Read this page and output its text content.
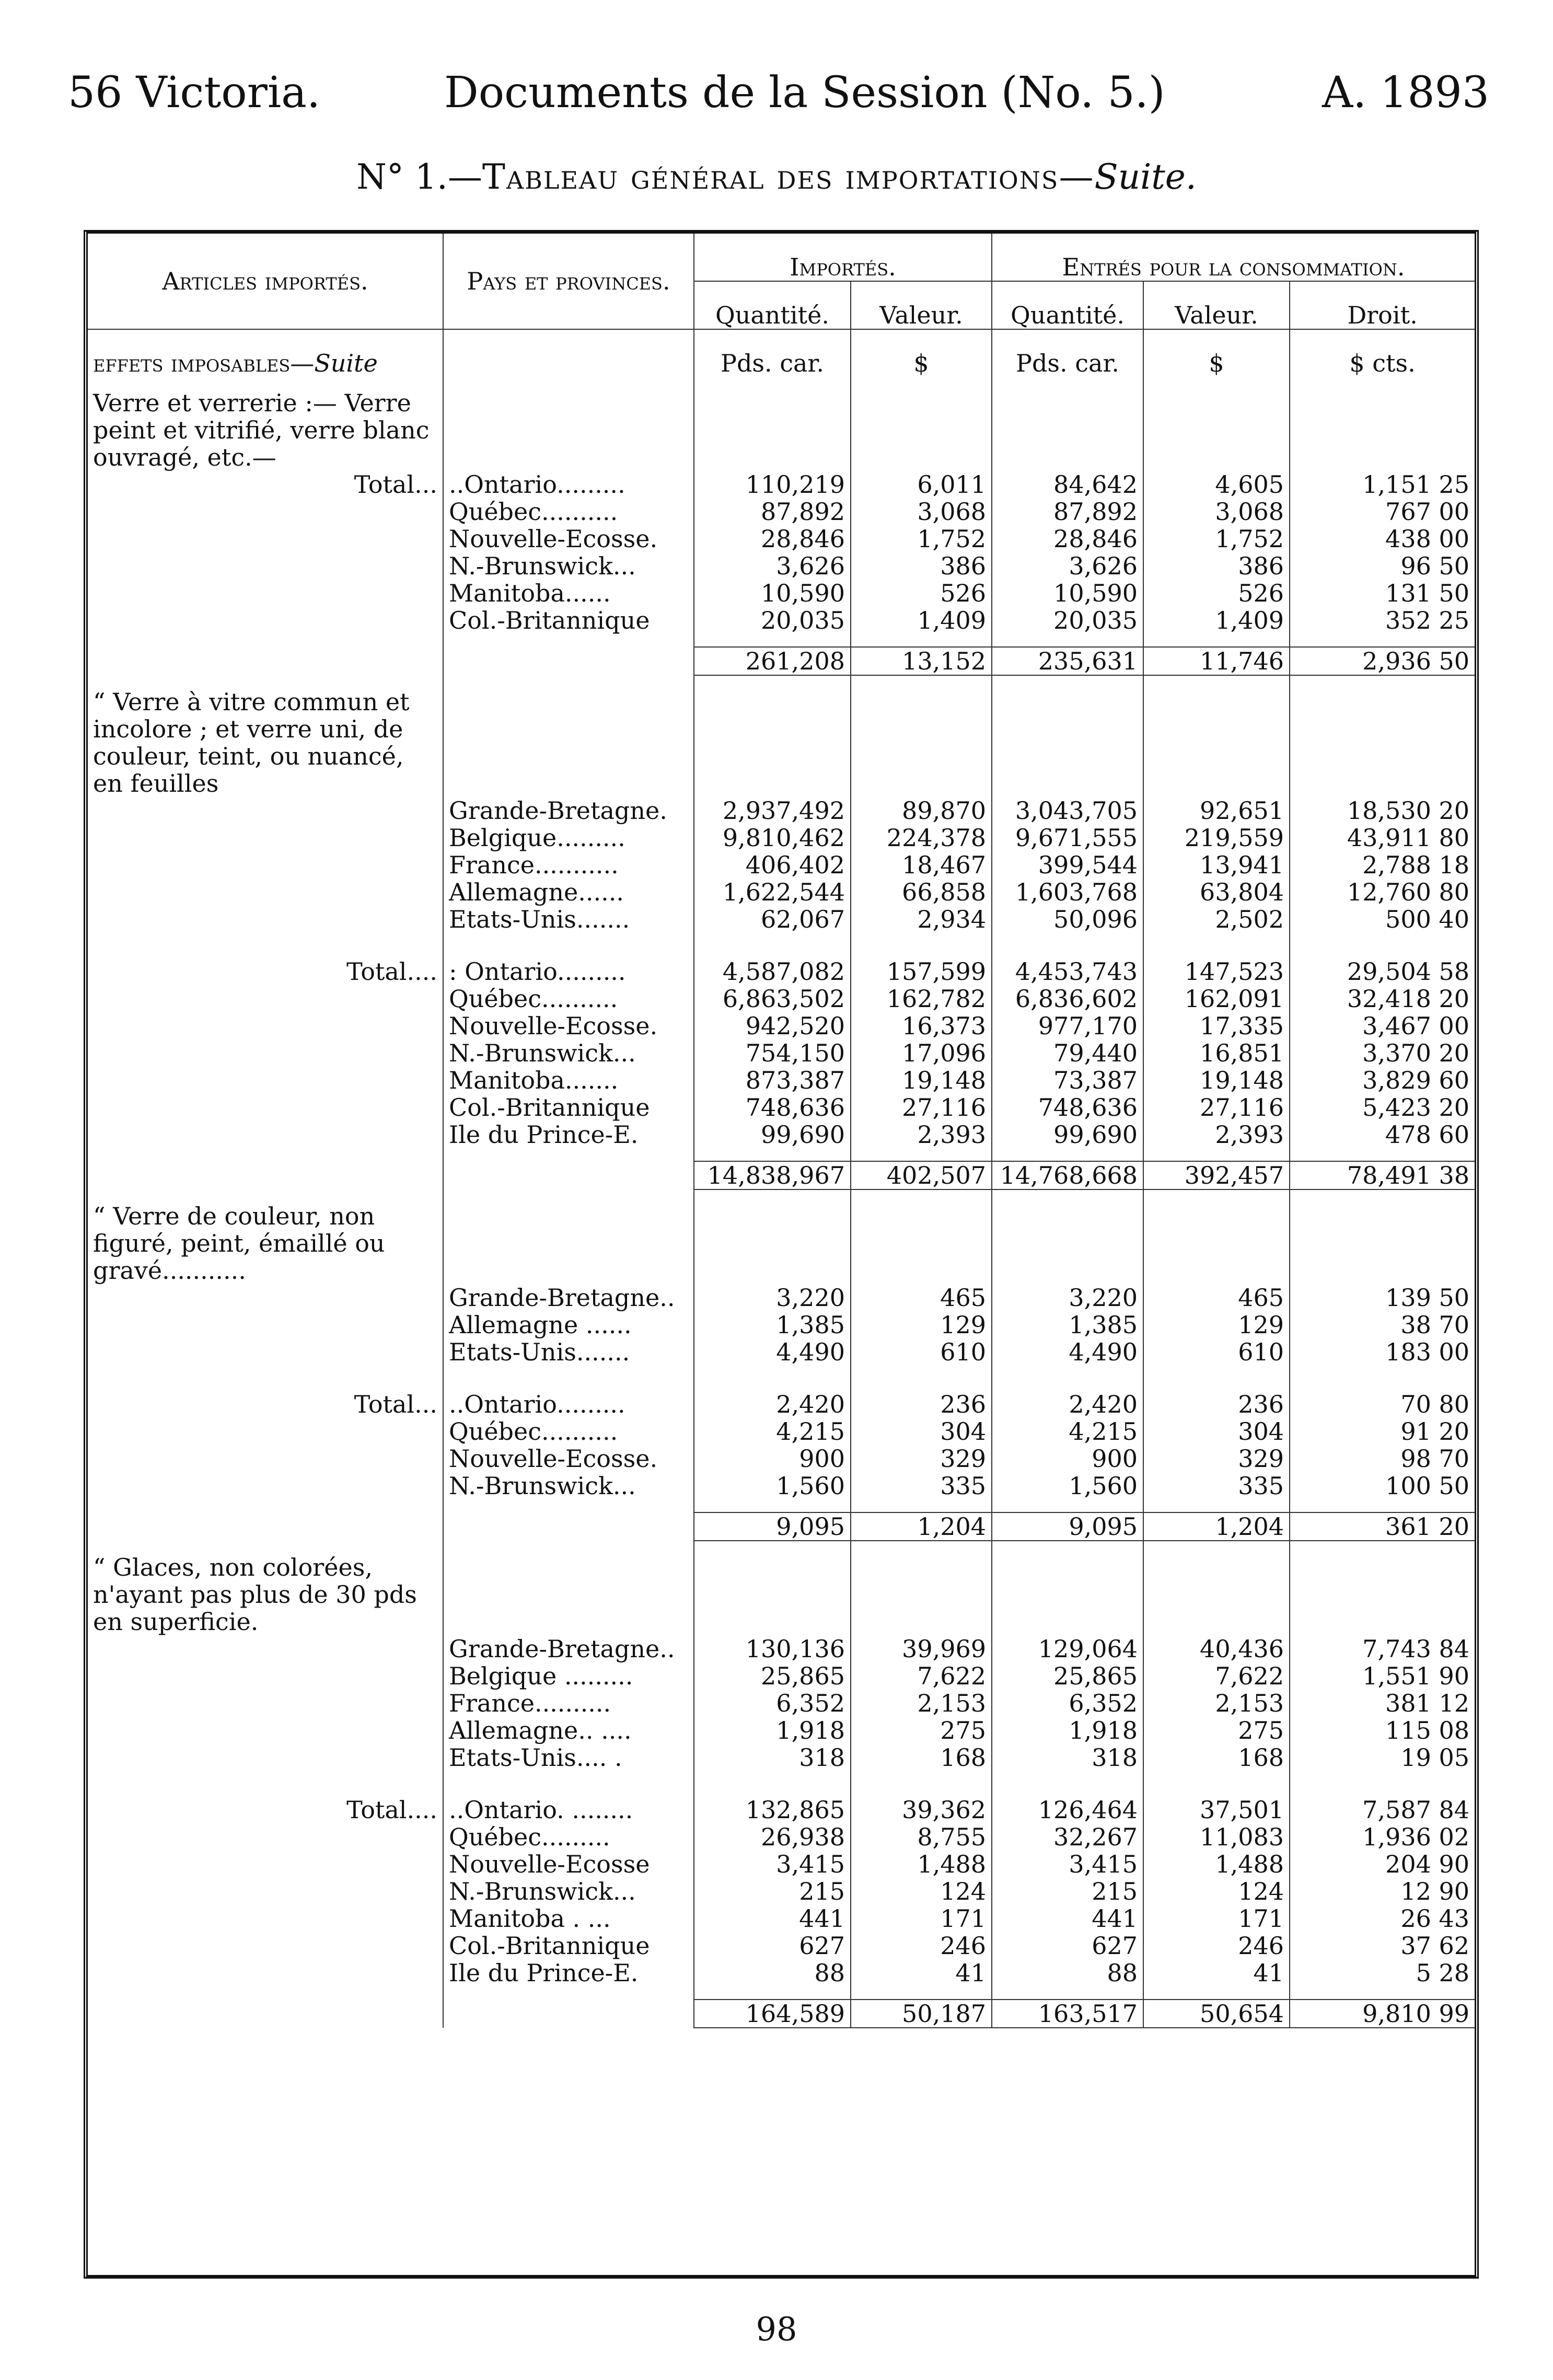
56 Victoria.	Documents de la Session (No. 5.)	A. 1893
N° 1.—Tableau général des importations—Suite.
Articles importés.	Pays et provinces.	Importés.		Entrés pour la consommation.		
		Quantité.	Valeur.	Quantité.	Valeur.	Droit.
effets imposables—Suite		Pds. car.	$	Pds. car.	$	$ cts.

Verre et verrerie :— Verre peint et vitrifié, verre blanc ouvragé, etc.—						
Total...	..Ontario.........	110,219	6,011	84,642	4,605	1,151 25
	Québec..........	87,892	3,068	87,892	3,068	767 00
	Nouvelle-Ecosse.	28,846	1,752	28,846	1,752	438 00
	N.-Brunswick...	3,626	386	3,626	386	96 50
	Manitoba......	10,590	526	10,590	526	131 50
	Col.-Britannique	20,035	1,409	20,035	1,409	352 25

		261,208	13,152	235,631	11,746	2,936 50

“ Verre à vitre commun et incolore ; et verre uni, de couleur, teint, ou nuancé, en feuilles						
	Grande-Bretagne.	2,937,492	89,870	3,043,705	92,651	18,530 20
	Belgique.........	9,810,462	224,378	9,671,555	219,559	43,911 80
	France...........	406,402	18,467	399,544	13,941	2,788 18
	Allemagne......	1,622,544	66,858	1,603,768	63,804	12,760 80
	Etats-Unis.......	62,067	2,934	50,096	2,502	500 40

Total....	: Ontario.........	4,587,082	157,599	4,453,743	147,523	29,504 58
	Québec..........	6,863,502	162,782	6,836,602	162,091	32,418 20
	Nouvelle-Ecosse.	942,520	16,373	977,170	17,335	3,467 00
	N.-Brunswick...	754,150	17,096	79,440	16,851	3,370 20
	Manitoba.......	873,387	19,148	73,387	19,148	3,829 60
	Col.-Britannique	748,636	27,116	748,636	27,116	5,423 20
	Ile du Prince-E.	99,690	2,393	99,690	2,393	478 60

		14,838,967	402,507	14,768,668	392,457	78,491 38

“ Verre de couleur, non figuré, peint, émaillé ou gravé...........						
	Grande-Bretagne..	3,220	465	3,220	465	139 50
	Allemagne ......	1,385	129	1,385	129	38 70
	Etats-Unis.......	4,490	610	4,490	610	183 00

Total...	..Ontario.........	2,420	236	2,420	236	70 80
	Québec..........	4,215	304	4,215	304	91 20
	Nouvelle-Ecosse.	900	329	900	329	98 70
	N.-Brunswick...	1,560	335	1,560	335	100 50

		9,095	1,204	9,095	1,204	361 20

“ Glaces, non colorées, n'ayant pas plus de 30 pds en superficie.						
	Grande-Bretagne..	130,136	39,969	129,064	40,436	7,743 84
	Belgique .........	25,865	7,622	25,865	7,622	1,551 90
	France..........	6,352	2,153	6,352	2,153	381 12
	Allemagne.. ....	1,918	275	1,918	275	115 08
	Etats-Unis.... .	318	168	318	168	19 05

Total....	..Ontario. ........	132,865	39,362	126,464	37,501	7,587 84
	Québec.........	26,938	8,755	32,267	11,083	1,936 02
	Nouvelle-Ecosse	3,415	1,488	3,415	1,488	204 90
	N.-Brunswick...	215	124	215	124	12 90
	Manitoba . ...	441	171	441	171	26 43
	Col.-Britannique	627	246	627	246	37 62
	Ile du Prince-E.	88	41	88	41	5 28

		164,589	50,187	163,517	50,654	9,810 99
98
